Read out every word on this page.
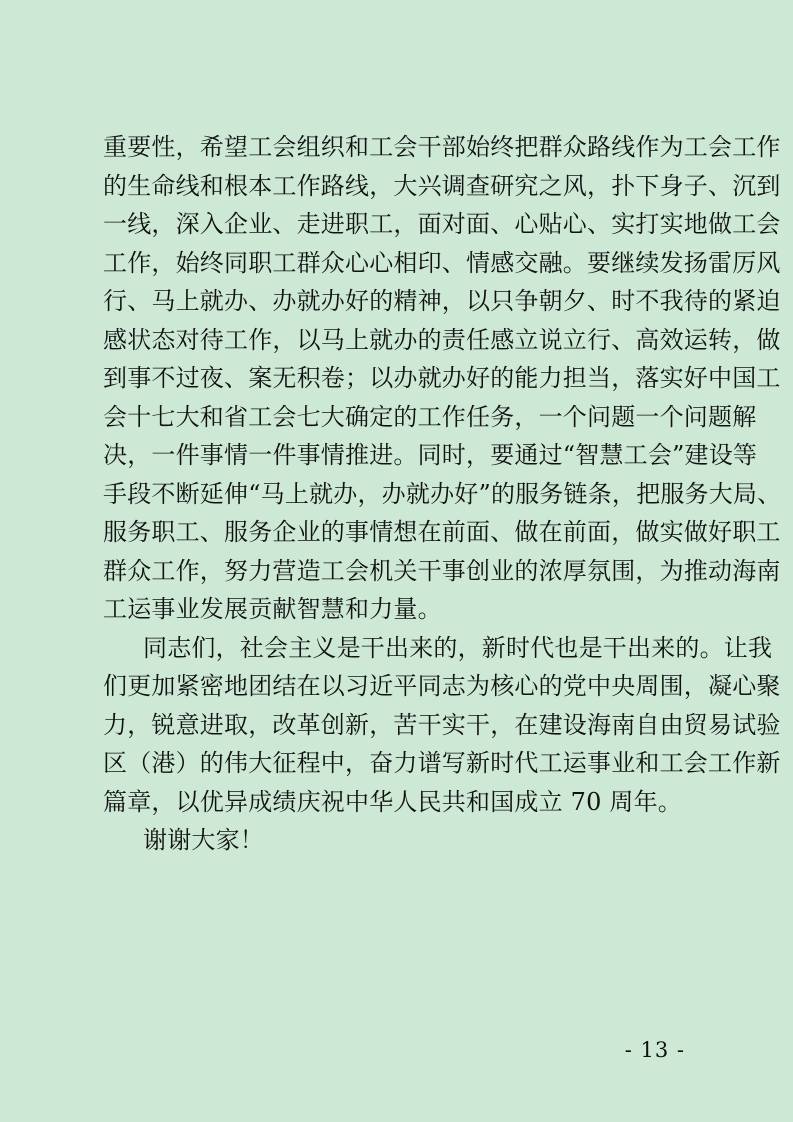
重要性，希望工会组织和工会干部始终把群众路线作为工会工作
的生命线和根本工作路线，大兴调查研究之风，扑下身子、沉到
一线，深入企业、走进职工，面对面、心贴心、实打实地做工会
工作，始终同职工群众心心相印、情感交融。要继续发扬雷厉风
行、马上就办、办就办好的精神，以只争朝夕、时不我待的紧迫
感状态对待工作，以马上就办的责任感立说立行、高效运转，做
到事不过夜、案无积卷；以办就办好的能力担当，落实好中国工
会十七大和省工会七大确定的工作任务，一个问题一个问题解
决，一件事情一件事情推进。同时，要通过“智慧工会”建设等
手段不断延伸“马上就办，办就办好”的服务链条，把服务大局、
服务职工、服务企业的事情想在前面、做在前面，做实做好职工
群众工作，努力营造工会机关干事创业的浓厚氛围，为推动海南
工运事业发展贡献智慧和力量。
同志们，社会主义是干出来的，新时代也是干出来的。让我
们更加紧密地团结在以习近平同志为核心的党中央周围，凝心聚
力，锐意进取，改革创新，苦干实干，在建设海南自由贸易试验
区（港）的伟大征程中，奋力谱写新时代工运事业和工会工作新
篇章，以优异成绩庆祝中华人民共和国成立 70 周年。
谢谢大家！
- 13 -
